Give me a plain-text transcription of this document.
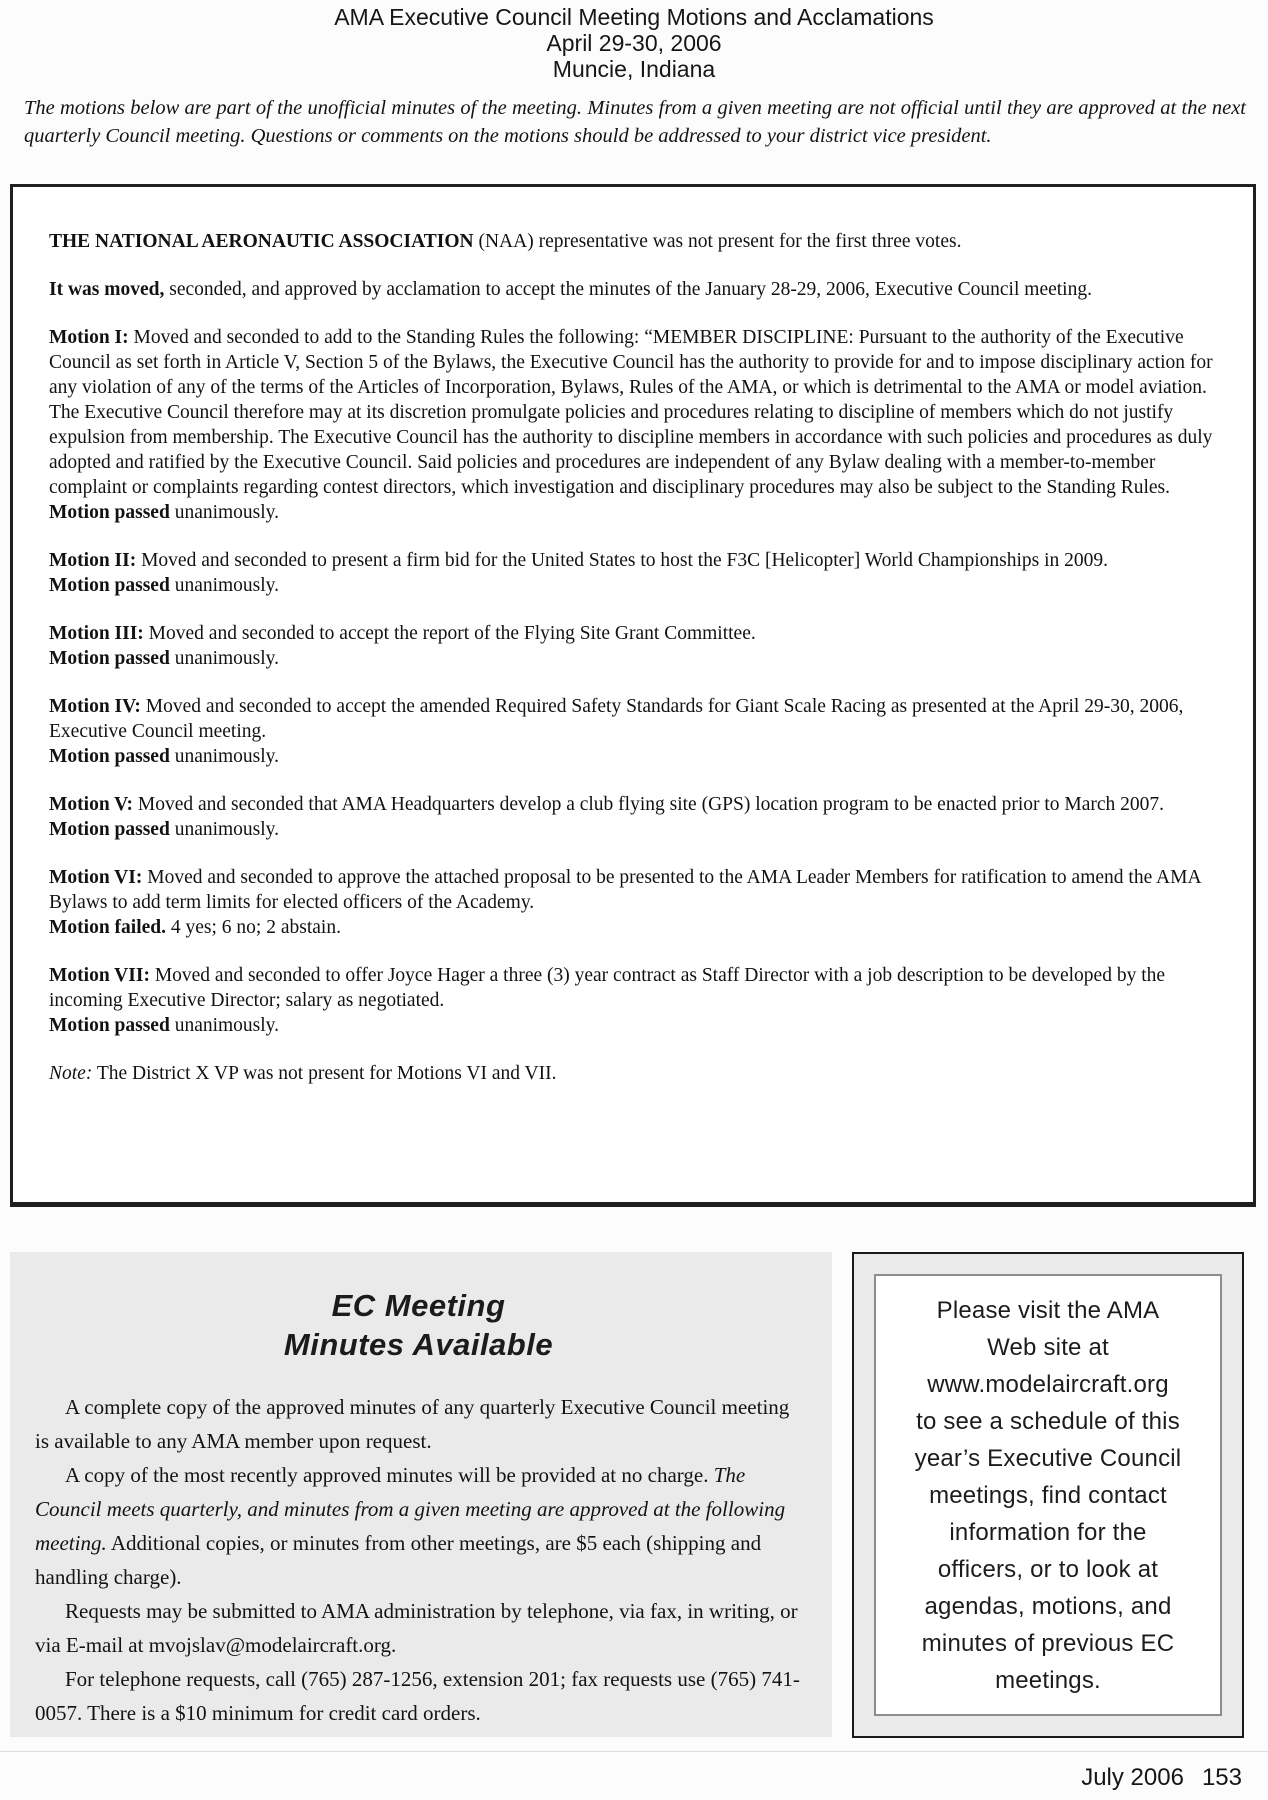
AMA Executive Council Meeting Motions and Acclamations
April 29-30, 2006
Muncie, Indiana

The motions below are part of the unofficial minutes of the meeting. Minutes from a given meeting are not official until they are approved at the next quarterly Council meeting. Questions or comments on the motions should be addressed to your district vice president.

THE NATIONAL AERONAUTIC ASSOCIATION (NAA) representative was not present for the first three votes.

It was moved, seconded, and approved by acclamation to accept the minutes of the January 28-29, 2006, Executive Council meeting.

Motion I: Moved and seconded to add to the Standing Rules the following: “MEMBER DISCIPLINE: Pursuant to the authority of the Executive Council as set forth in Article V, Section 5 of the Bylaws, the Executive Council has the authority to provide for and to impose disciplinary action for any violation of any of the terms of the Articles of Incorporation, Bylaws, Rules of the AMA, or which is detrimental to the AMA or model aviation. The Executive Council therefore may at its discretion promulgate policies and procedures relating to discipline of members which do not justify expulsion from membership. The Executive Council has the authority to discipline members in accordance with such policies and procedures as duly adopted and ratified by the Executive Council. Said policies and procedures are independent of any Bylaw dealing with a member-to-member complaint or complaints regarding contest directors, which investigation and disciplinary procedures may also be subject to the Standing Rules.
Motion passed unanimously.

Motion II: Moved and seconded to present a firm bid for the United States to host the F3C [Helicopter] World Championships in 2009.
Motion passed unanimously.

Motion III: Moved and seconded to accept the report of the Flying Site Grant Committee.
Motion passed unanimously.

Motion IV: Moved and seconded to accept the amended Required Safety Standards for Giant Scale Racing as presented at the April 29-30, 2006, Executive Council meeting.
Motion passed unanimously.

Motion V: Moved and seconded that AMA Headquarters develop a club flying site (GPS) location program to be enacted prior to March 2007.
Motion passed unanimously.

Motion VI: Moved and seconded to approve the attached proposal to be presented to the AMA Leader Members for ratification to amend the AMA Bylaws to add term limits for elected officers of the Academy.
Motion failed. 4 yes; 6 no; 2 abstain.

Motion VII: Moved and seconded to offer Joyce Hager a three (3) year contract as Staff Director with a job description to be developed by the incoming Executive Director; salary as negotiated.
Motion passed unanimously.

Note: The District X VP was not present for Motions VI and VII.

EC Meeting
Minutes Available

A complete copy of the approved minutes of any quarterly Executive Council meeting is available to any AMA member upon request.

A copy of the most recently approved minutes will be provided at no charge. The Council meets quarterly, and minutes from a given meeting are approved at the following meeting. Additional copies, or minutes from other meetings, are $5 each (shipping and handling charge).

Requests may be submitted to AMA administration by telephone, via fax, in writing, or via E-mail at mvojslav@modelaircraft.org.

For telephone requests, call (765) 287-1256, extension 201; fax requests use (765) 741-0057. There is a $10 minimum for credit card orders.

Please visit the AMA
Web site at
www.modelaircraft.org
to see a schedule of this
year’s Executive Council
meetings, find contact
information for the
officers, or to look at
agendas, motions, and
minutes of previous EC
meetings.
July 2006 153
